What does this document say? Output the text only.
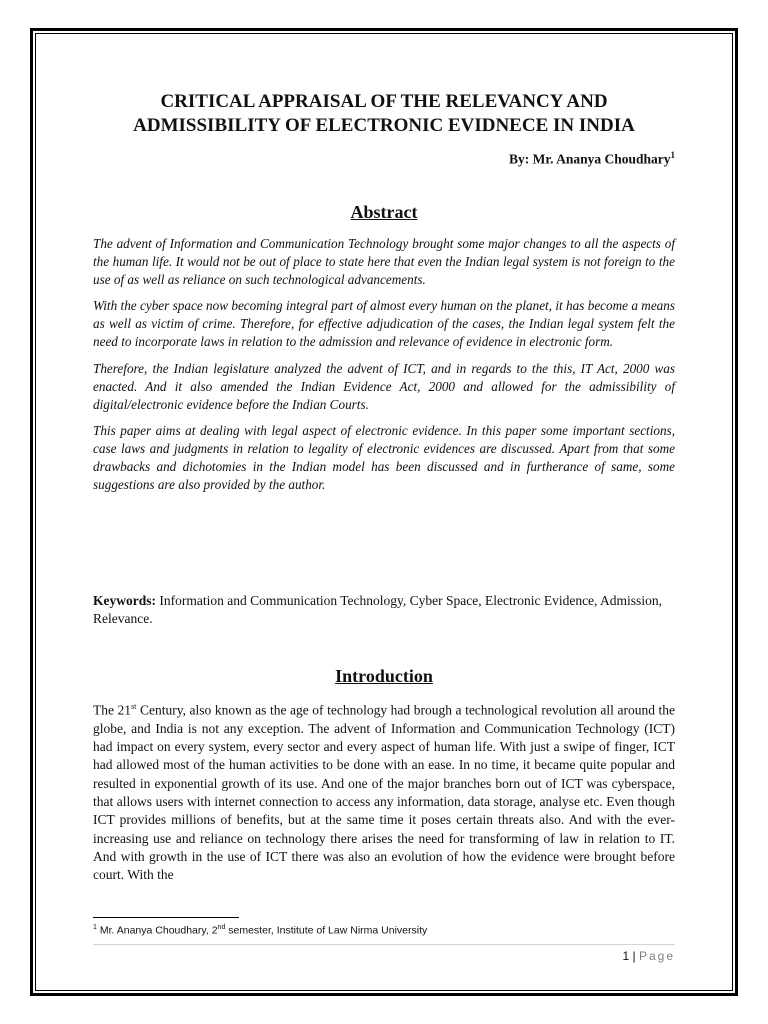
CRITICAL APPRAISAL OF THE RELEVANCY AND
ADMISSIBILITY OF ELECTRONIC EVIDNECE IN INDIA
By: Mr. Ananya Choudhary$^1$
Abstract

The advent of Information and Communication Technology brought some major changes to all the aspects of the human life. It would not be out of place to state here that even the Indian legal system is not foreign to the use of as well as reliance on such technological advancements.

With the cyber space now becoming integral part of almost every human on the planet, it has become a means as well as victim of crime. Therefore, for effective adjudication of the cases, the Indian legal system felt the need to incorporate laws in relation to the admission and relevance of evidence in electronic form.

Therefore, the Indian legislature analyzed the advent of ICT, and in regards to the this, IT Act, 2000 was enacted. And it also amended the Indian Evidence Act, 2000 and allowed for the admissibility of digital/electronic evidence before the Indian Courts.

This paper aims at dealing with legal aspect of electronic evidence. In this paper some important sections, case laws and judgments in relation to legality of electronic evidences are discussed. Apart from that some drawbacks and dichotomies in the Indian model has been discussed and in furtherance of same, some suggestions are also provided by the author.

Keywords: Information and Communication Technology, Cyber Space, Electronic Evidence, Admission, Relevance.

Introduction

The 21st Century, also known as the age of technology had brough a technological revolution all around the globe, and India is not any exception. The advent of Information and Communication Technology (ICT) had impact on every system, every sector and every aspect of human life. With just a swipe of finger, ICT had allowed most of the human activities to be done with an ease. In no time, it became quite popular and resulted in exponential growth of its use. And one of the major branches born out of ICT was cyberspace, that allows users with internet connection to access any information, data storage, analyse etc. Even though ICT provides millions of benefits, but at the same time it poses certain threats also. And with the ever-increasing use and reliance on technology there arises the need for transforming of law in relation to IT. And with growth in the use of ICT there was also an evolution of how the evidence were brought before court. With the

$^1$ Mr. Ananya Choudhary, 2nd semester, Institute of Law Nirma University
1 | Page
